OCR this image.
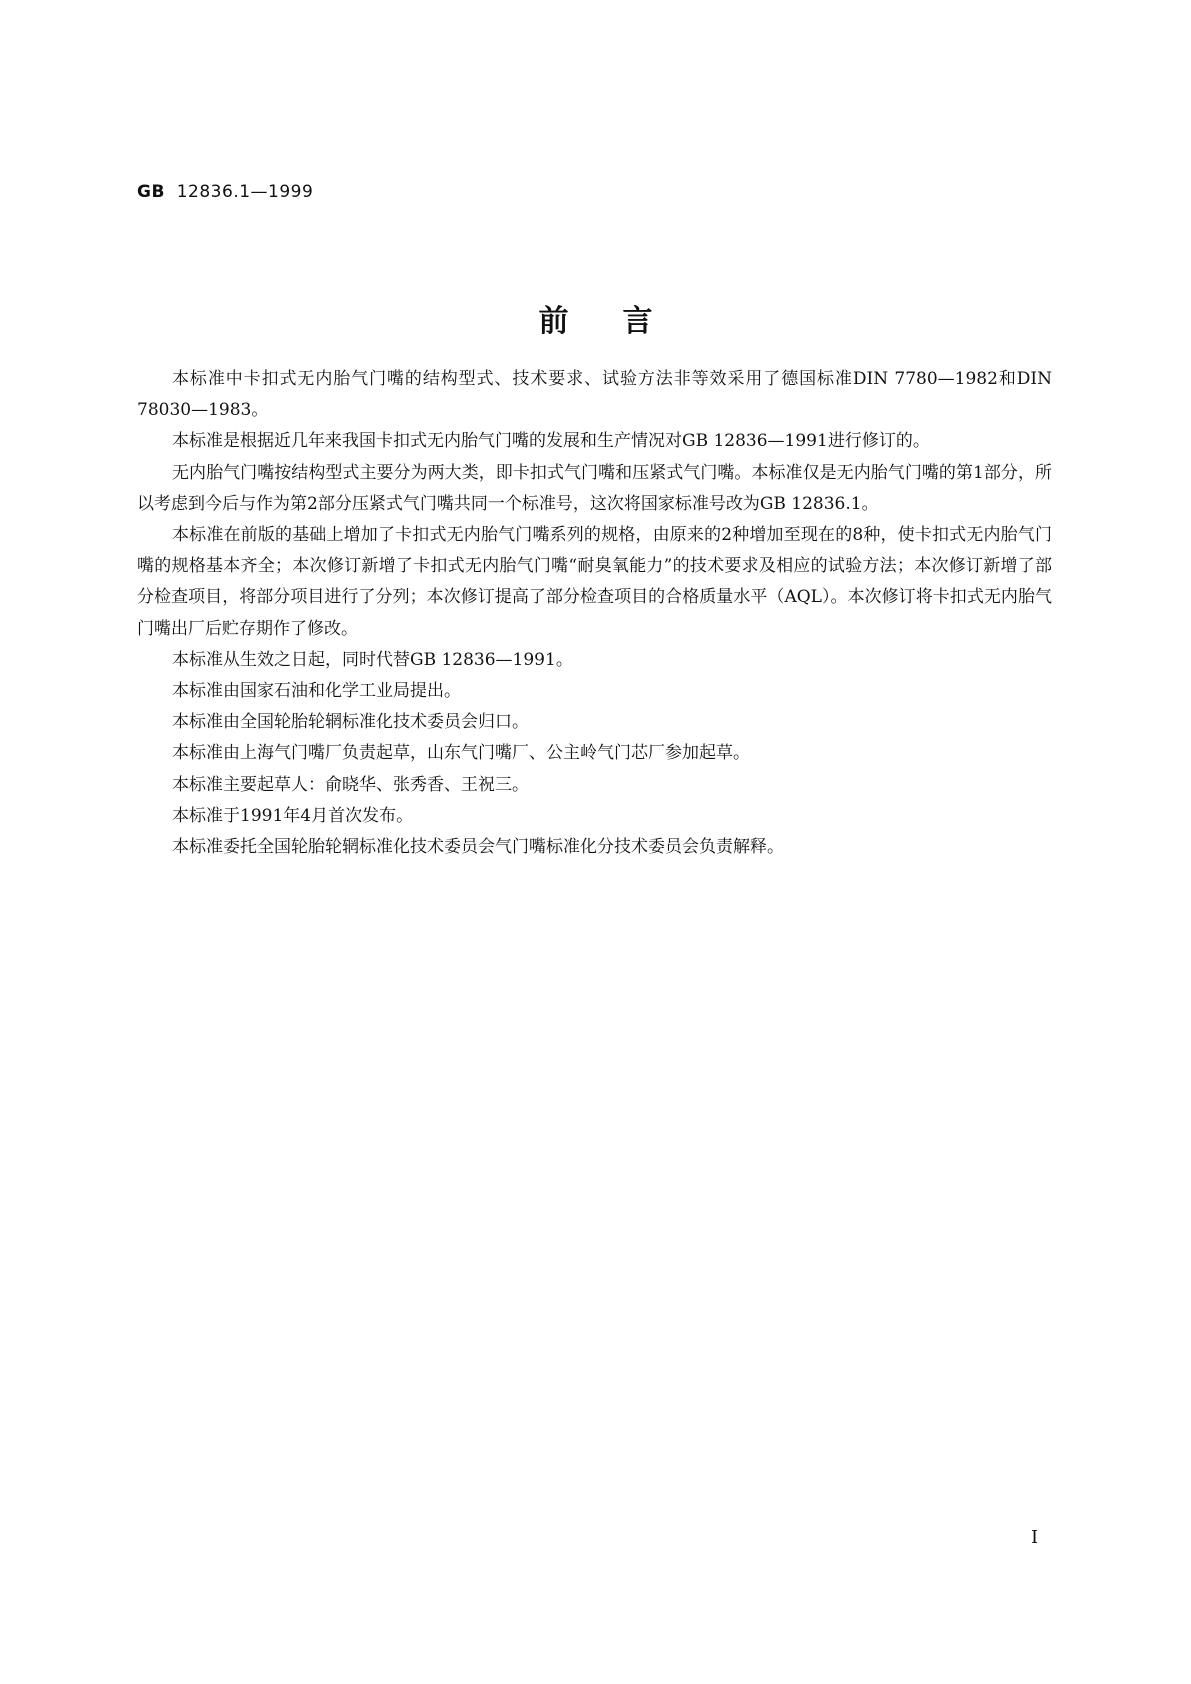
GB 12836.1—1999
前言

本标准中卡扣式无内胎气门嘴的结构型式、技术要求、试验方法非等效采用了德国标准DIN 7780—1982和DIN 78030—1983。

本标准是根据近几年来我国卡扣式无内胎气门嘴的发展和生产情况对GB 12836—1991进行修订的。

无内胎气门嘴按结构型式主要分为两大类，即卡扣式气门嘴和压紧式气门嘴。本标准仅是无内胎气门嘴的第1部分，所以考虑到今后与作为第2部分压紧式气门嘴共同一个标准号，这次将国家标准号改为GB 12836.1。

本标准在前版的基础上增加了卡扣式无内胎气门嘴系列的规格，由原来的2种增加至现在的8种，使卡扣式无内胎气门嘴的规格基本齐全；本次修订新增了卡扣式无内胎气门嘴“耐臭氧能力”的技术要求及相应的试验方法；本次修订新增了部分检查项目，将部分项目进行了分列；本次修订提高了部分检查项目的合格质量水平（AQL）。本次修订将卡扣式无内胎气门嘴出厂后贮存期作了修改。

本标准从生效之日起，同时代替GB 12836—1991。

本标准由国家石油和化学工业局提出。

本标准由全国轮胎轮辋标准化技术委员会归口。

本标准由上海气门嘴厂负责起草，山东气门嘴厂、公主岭气门芯厂参加起草。

本标准主要起草人：俞晓华、张秀香、王祝三。

本标准于1991年4月首次发布。

本标准委托全国轮胎轮辋标准化技术委员会气门嘴标准化分技术委员会负责解释。

I
